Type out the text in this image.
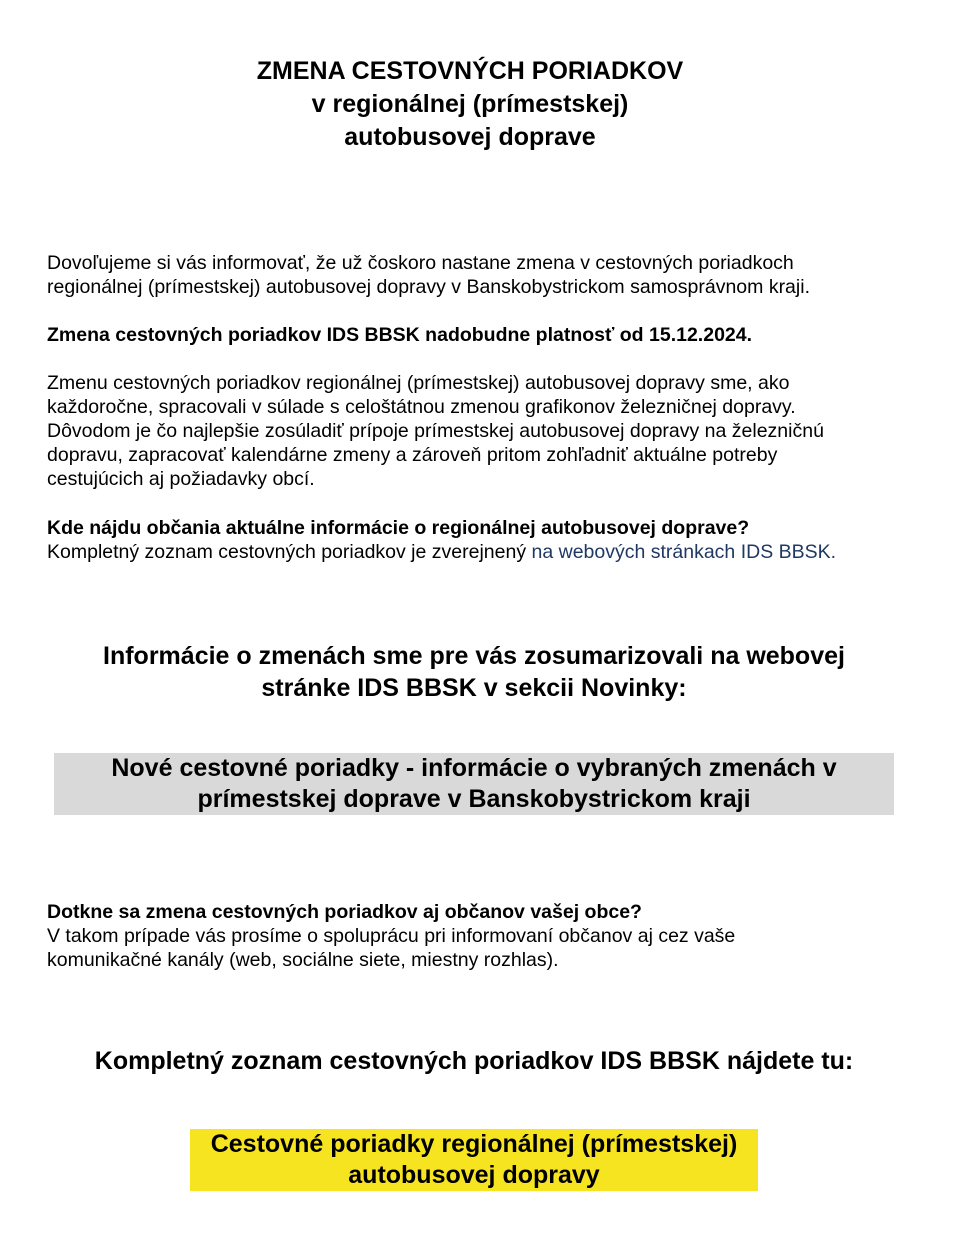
ZMENA CESTOVNÝCH PORIADKOV
v regionálnej (prímestskej)
autobusovej doprave
Dovoľujeme si vás informovať, že už čoskoro nastane zmena v cestovných poriadkoch
regionálnej (prímestskej) autobusovej dopravy v Banskobystrickom samosprávnom kraji.
Zmena cestovných poriadkov IDS BBSK nadobudne platnosť od 15.12.2024.
Zmenu cestovných poriadkov regionálnej (prímestskej) autobusovej dopravy sme, ako
každoročne, spracovali v súlade s celoštátnou zmenou grafikonov železničnej dopravy.
Dôvodom je čo najlepšie zosúladiť prípoje prímestskej autobusovej dopravy na železničnú
dopravu, zapracovať kalendárne zmeny a zároveň pritom zohľadniť aktuálne potreby
cestujúcich aj požiadavky obcí.
Kde nájdu občania aktuálne informácie o regionálnej autobusovej doprave?
Kompletný zoznam cestovných poriadkov je zverejnený na webových stránkach IDS BBSK.
Informácie o zmenách sme pre vás zosumarizovali na webovej
stránke IDS BBSK v sekcii Novinky:
Nové cestovné poriadky - informácie o vybraných zmenách v
prímestskej doprave v Banskobystrickom kraji
Dotkne sa zmena cestovných poriadkov aj občanov vašej obce?
V takom prípade vás prosíme o spoluprácu pri informovaní občanov aj cez vaše
komunikačné kanály (web, sociálne siete, miestny rozhlas).
Kompletný zoznam cestovných poriadkov IDS BBSK nájdete tu:
Cestovné poriadky regionálnej (prímestskej)
autobusovej dopravy
